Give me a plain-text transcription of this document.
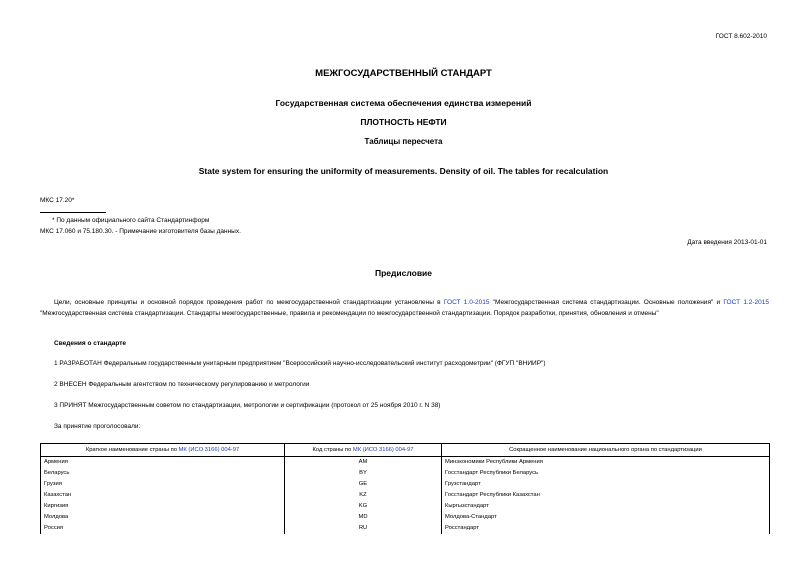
ГОСТ 8.602-2010
МЕЖГОСУДАРСТВЕННЫЙ СТАНДАРТ
Государственная система обеспечения единства измерений
ПЛОТНОСТЬ НЕФТИ
Таблицы пересчета
State system for ensuring the uniformity of measurements. Density of oil. The tables for recalculation
МКС 17.20*
* По данным официального сайта Стандартинформ
МКС 17.060 и 75.180.30. - Примечание изготовителя базы данных.
Дата введения 2013-01-01
Предисловие
Цели, основные принципы и основной порядок проведения работ по межгосударственной стандартизации установлены в ГОСТ 1.0-2015 "Межгосударственная система стандартизации. Основные положения" и ГОСТ 1.2-2015 "Межгосударственная система стандартизации. Стандарты межгосударственные, правила и рекомендации по межгосударственной стандартизации. Порядок разработки, принятия, обновления и отмены"
Сведения о стандарте
1 РАЗРАБОТАН Федеральным государственным унитарным предприятием "Всероссийский научно-исследовательский институт расходометрии" (ФГУП "ВНИИР")
2 ВНЕСЕН Федеральным агентством по техническому регулированию и метрологии
3 ПРИНЯТ Межгосударственным советом по стандартизации, метрологии и сертификации (протокол от 25 ноября 2010 г. N 38)
За принятие проголосовали:
Краткое наименование страны по МК (ИСО 3166) 004-97	Код страны по МК (ИСО 3166) 004-97	Сокращенное наименование национального органа по стандартизации
Армения	AM	Минэкономики Республики Армения
Беларусь	BY	Госстандарт Республики Беларусь
Грузия	GE	Грузстандарт
Казахстан	KZ	Госстандарт Республики Казахстан
Киргизия	KG	Кыргызстандарт
Молдова	MD	Молдова-Стандарт
Россия	RU	Росстандарт
